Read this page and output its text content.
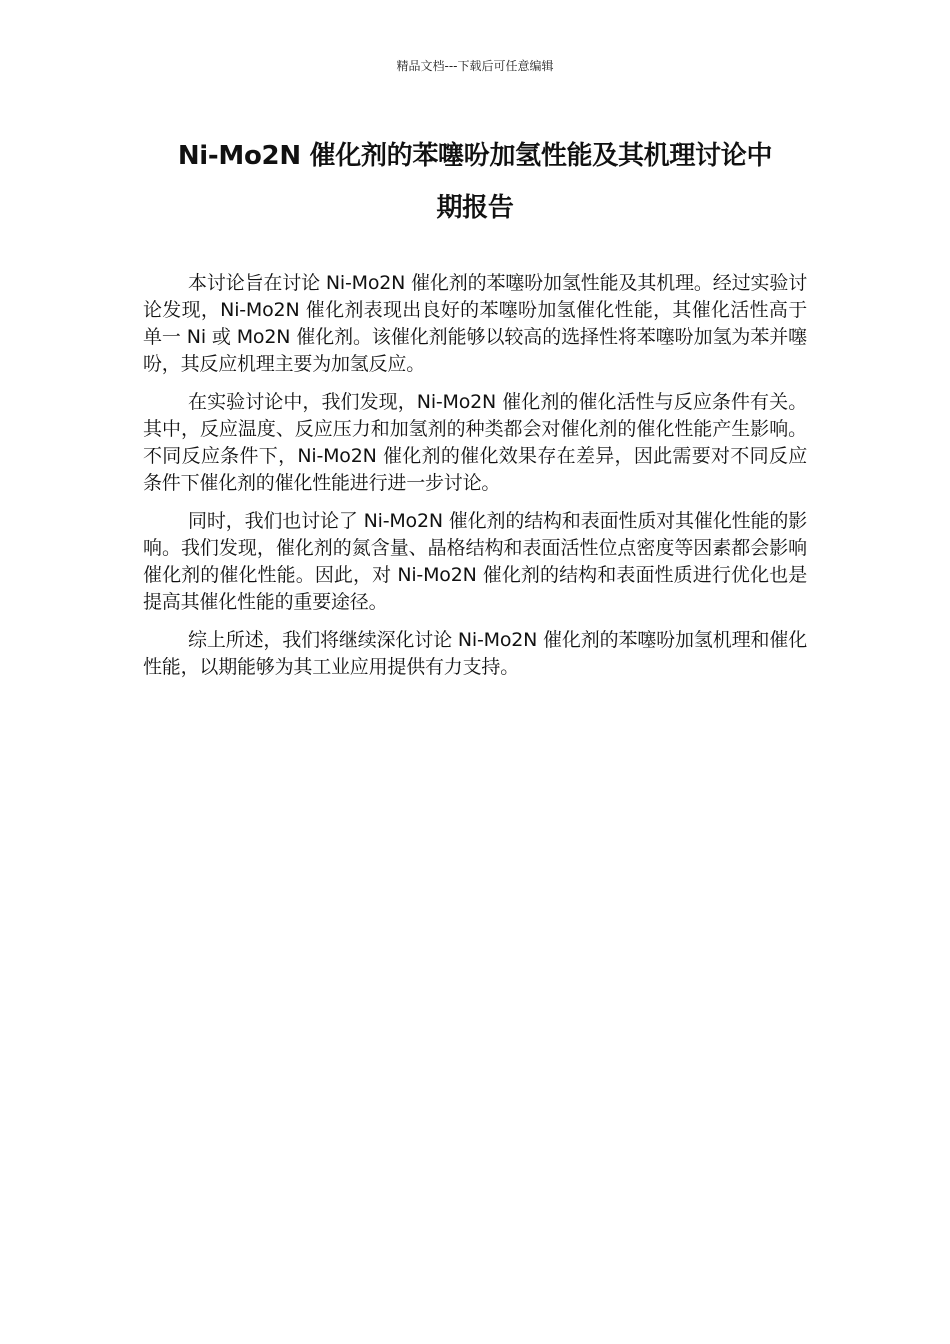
精品文档---下载后可任意编辑
Ni-Mo2N 催化剂的苯噻吩加氢性能及其机理讨论中
期报告

本讨论旨在讨论 Ni-Mo2N 催化剂的苯噻吩加氢性能及其机理。经过实验讨论发现，Ni-Mo2N 催化剂表现出良好的苯噻吩加氢催化性能，其催化活性高于单一 Ni 或 Mo2N 催化剂。该催化剂能够以较高的选择性将苯噻吩加氢为苯并噻吩，其反应机理主要为加氢反应。

在实验讨论中，我们发现，Ni-Mo2N 催化剂的催化活性与反应条件有关。其中，反应温度、反应压力和加氢剂的种类都会对催化剂的催化性能产生影响。不同反应条件下，Ni-Mo2N 催化剂的催化效果存在差异，因此需要对不同反应条件下催化剂的催化性能进行进一步讨论。

同时，我们也讨论了 Ni-Mo2N 催化剂的结构和表面性质对其催化性能的影响。我们发现，催化剂的氮含量、晶格结构和表面活性位点密度等因素都会影响催化剂的催化性能。因此，对 Ni-Mo2N 催化剂的结构和表面性质进行优化也是提高其催化性能的重要途径。

综上所述，我们将继续深化讨论 Ni-Mo2N 催化剂的苯噻吩加氢机理和催化性能，以期能够为其工业应用提供有力支持。
